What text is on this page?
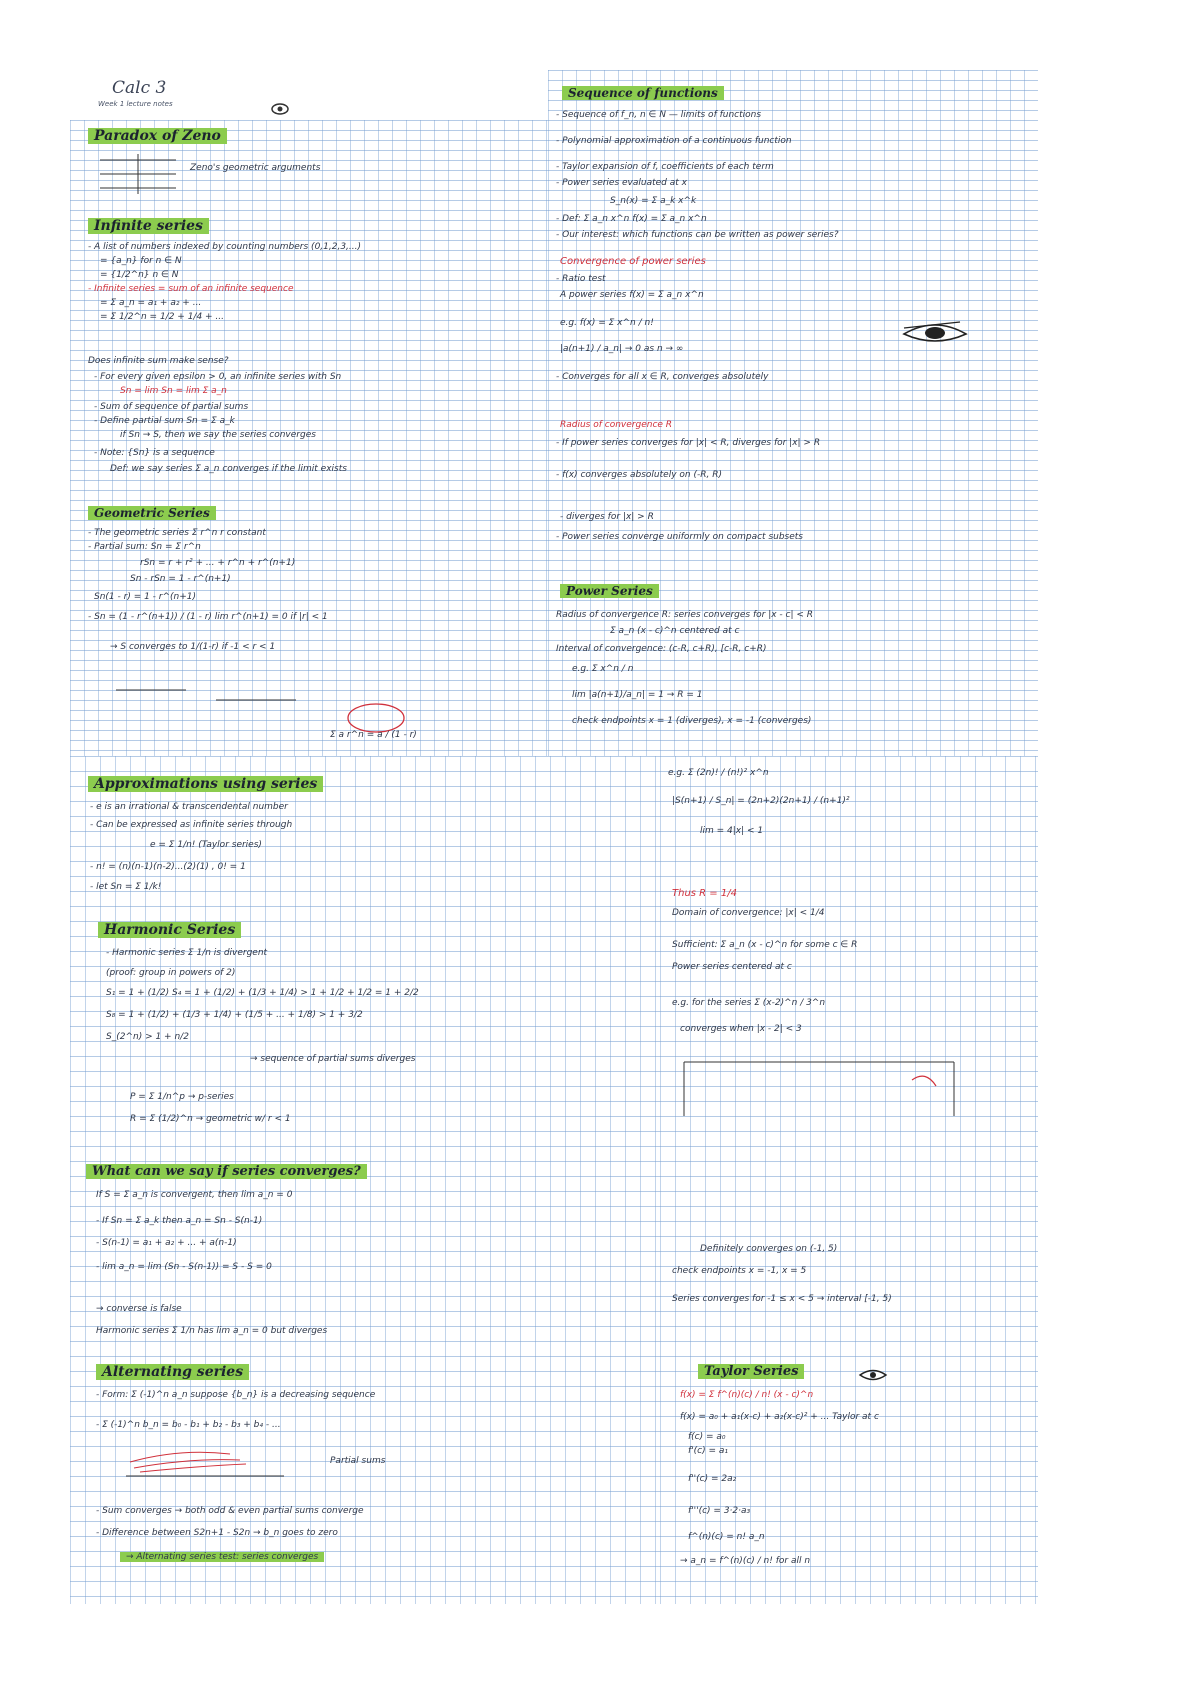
Calc 3
Week 1 lecture notes
Paradox of Zeno
Zeno's geometric arguments
Infinite series
- A list of numbers indexed by counting numbers (0,1,2,3,...)
= {a_n} for n ∈ N
= {1/2^n} n ∈ N
- Infinite series = sum of an infinite sequence
= Σ a_n = a₁ + a₂ + ...
= Σ 1/2^n = 1/2 + 1/4 + ...
Does infinite sum make sense?
- For every given epsilon > 0, an infinite series with Sn
Sn = lim Sn = lim Σ a_n
- Sum of sequence of partial sums
- Define partial sum Sn = Σ a_k
if Sn → S, then we say the series converges
- Note: {Sn} is a sequence
Def: we say series Σ a_n converges if the limit exists
Geometric Series
- The geometric series Σ r^n r constant
- Partial sum: Sn = Σ r^n
rSn = r + r² + ... + r^n + r^(n+1)
Sn - rSn = 1 - r^(n+1)
Sn(1 - r) = 1 - r^(n+1)
- Sn = (1 - r^(n+1)) / (1 - r) lim r^(n+1) = 0 if |r| < 1
→ S converges to 1/(1-r) if -1 < r < 1
Σ a r^n = a / (1 - r)
Sequence of functions
- Sequence of f_n, n ∈ N — limits of functions
- Polynomial approximation of a continuous function
- Taylor expansion of f, coefficients of each term
- Power series evaluated at x
S_n(x) = Σ a_k x^k
- Def: Σ a_n x^n f(x) = Σ a_n x^n
- Our interest: which functions can be written as power series?
Convergence of power series
- Ratio test
A power series f(x) = Σ a_n x^n
e.g. f(x) = Σ x^n / n!
|a(n+1) / a_n| → 0 as n → ∞
- Converges for all x ∈ R, converges absolutely
Radius of convergence R
- If power series converges for |x| < R, diverges for |x| > R
- f(x) converges absolutely on (-R, R)
- diverges for |x| > R
- Power series converge uniformly on compact subsets
Power Series
Radius of convergence R: series converges for |x - c| < R
Σ a_n (x - c)^n centered at c
Interval of convergence: (c-R, c+R), [c-R, c+R)
e.g. Σ x^n / n
lim |a(n+1)/a_n| = 1 → R = 1
check endpoints x = 1 (diverges), x = -1 (converges)
Approximations using series
- e is an irrational & transcendental number
- Can be expressed as infinite series through
e = Σ 1/n! (Taylor series)
- n! = (n)(n-1)(n-2)...(2)(1) , 0! = 1
- let Sn = Σ 1/k!
Harmonic Series
- Harmonic series Σ 1/n is divergent
(proof: group in powers of 2)
S₁ = 1 + (1/2) S₄ = 1 + (1/2) + (1/3 + 1/4) > 1 + 1/2 + 1/2 = 1 + 2/2
S₈ = 1 + (1/2) + (1/3 + 1/4) + (1/5 + ... + 1/8) > 1 + 3/2
S_(2^n) > 1 + n/2
→ sequence of partial sums diverges
P = Σ 1/n^p → p-series
R = Σ (1/2)^n → geometric w/ r < 1
What can we say if series converges?
If S = Σ a_n is convergent, then lim a_n = 0
- If Sn = Σ a_k then a_n = Sn - S(n-1)
- S(n-1) = a₁ + a₂ + ... + a(n-1)
- lim a_n = lim (Sn - S(n-1)) = S - S = 0
→ converse is false
Harmonic series Σ 1/n has lim a_n = 0 but diverges
Alternating series
- Form: Σ (-1)^n a_n suppose {b_n} is a decreasing sequence
- Σ (-1)^n b_n = b₀ - b₁ + b₂ - b₃ + b₄ - ...
Partial sums
- Sum converges → both odd & even partial sums converge
- Difference between S2n+1 - S2n → b_n goes to zero
→ Alternating series test: series converges
e.g. Σ (2n)! / (n!)² x^n
|S(n+1) / S_n| = (2n+2)(2n+1) / (n+1)²
lim = 4|x| < 1
Thus R = 1/4
Domain of convergence: |x| < 1/4
Sufficient: Σ a_n (x - c)^n for some c ∈ R
Power series centered at c
e.g. for the series Σ (x-2)^n / 3^n
converges when |x - 2| < 3
Definitely converges on (-1, 5)
check endpoints x = -1, x = 5
Series converges for -1 ≤ x < 5 → interval [-1, 5)
Taylor Series
f(x) = Σ f^(n)(c) / n! (x - c)^n
f(x) = a₀ + a₁(x-c) + a₂(x-c)² + ... Taylor at c
f(c) = a₀
f'(c) = a₁
f''(c) = 2a₂
f'''(c) = 3·2·a₃
f^(n)(c) = n! a_n
→ a_n = f^(n)(c) / n! for all n
